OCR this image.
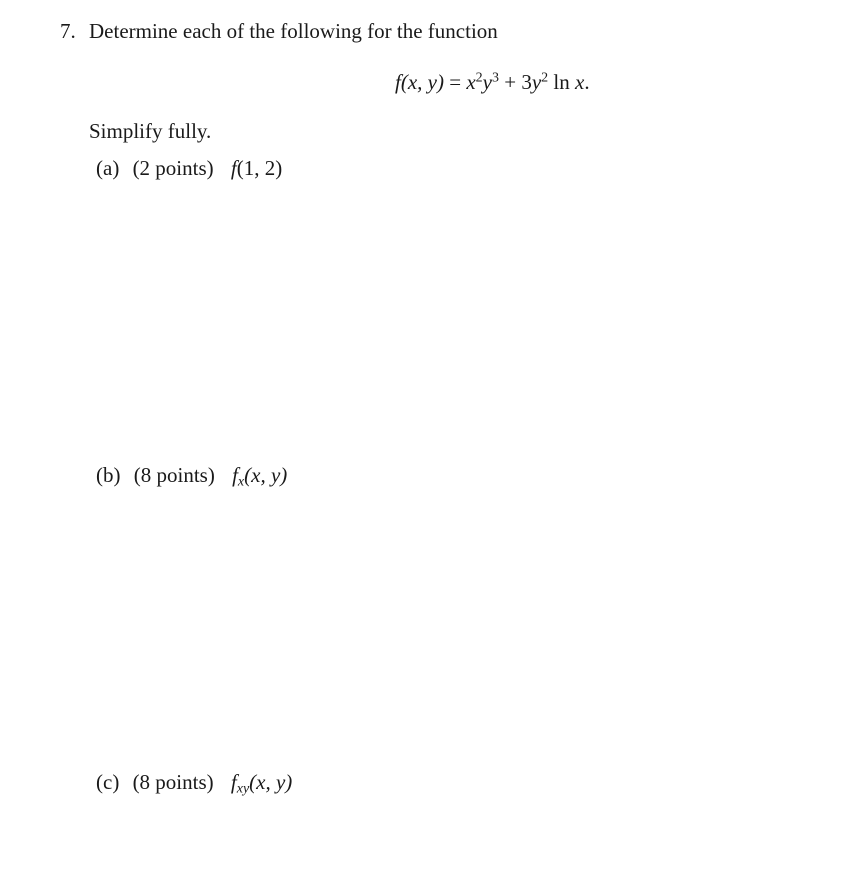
7. Determine each of the following for the function
f(x, $y) = x^2y^3 + 3y^2$ ln x.
Simplify fully.
(a) (2 points) f(1, 2)
(b) (8 points) $f_x(x$, y)
(c) (8 points) $f_{xy}(x$, y)
